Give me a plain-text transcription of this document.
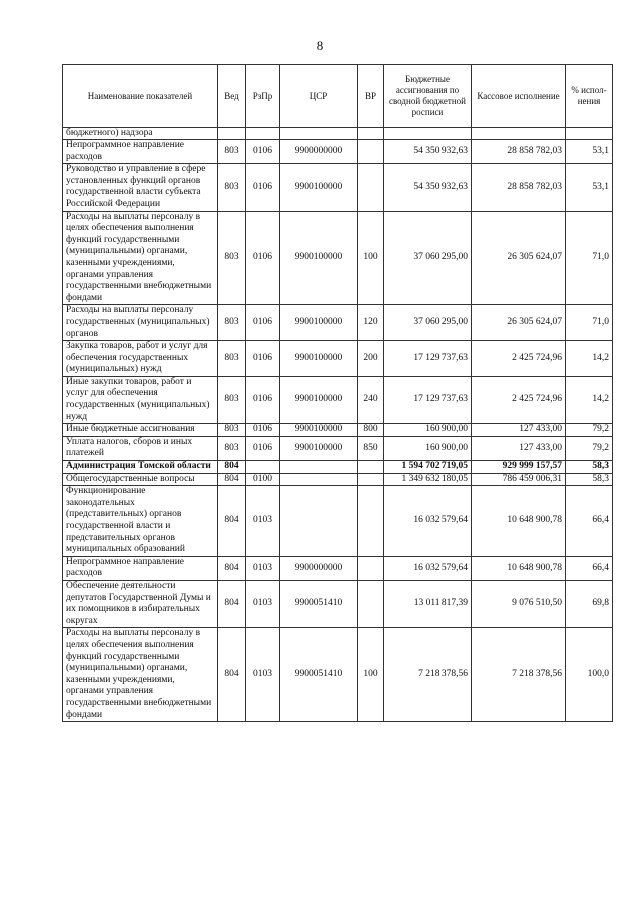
8
Наименование показателей	Вед	РзПр	ЦСР	ВР	Бюджетные ассигнования по сводной бюджетной росписи	Кассовое исполнение	% испол-нения
бюджетного) надзора							
Непрограммное направление расходов	803	0106	9900000000		54 350 932,63	28 858 782,03	53,1
Руководство и управление в сфере установленных функций органов государственной власти субъекта Российской Федерации	803	0106	9900100000		54 350 932,63	28 858 782,03	53,1
Расходы на выплаты персоналу в целях обеспечения выполнения функций государственными (муниципальными) органами, казенными учреждениями, органами управления государственными внебюджетными фондами	803	0106	9900100000	100	37 060 295,00	26 305 624,07	71,0
Расходы на выплаты персоналу государственных (муниципальных) органов	803	0106	9900100000	120	37 060 295,00	26 305 624,07	71,0
Закупка товаров, работ и услуг для обеспечения государственных (муниципальных) нужд	803	0106	9900100000	200	17 129 737,63	2 425 724,96	14,2
Иные закупки товаров, работ и услуг для обеспечения государственных (муниципальных) нужд	803	0106	9900100000	240	17 129 737,63	2 425 724,96	14,2
Иные бюджетные ассигнования	803	0106	9900100000	800	160 900,00	127 433,00	79,2
Уплата налогов, сборов и иных платежей	803	0106	9900100000	850	160 900,00	127 433,00	79,2
Администрация Томской области	804				1 594 702 719,05	929 999 157,57	58,3
Общегосударственные вопросы	804	0100			1 349 632 180,05	786 459 006,31	58,3
Функционирование законодательных (представительных) органов государственной власти и представительных органов муниципальных образований	804	0103			16 032 579,64	10 648 900,78	66,4
Непрограммное направление расходов	804	0103	9900000000		16 032 579,64	10 648 900,78	66,4
Обеспечение деятельности депутатов Государственной Думы и их помощников в избирательных округах	804	0103	9900051410		13 011 817,39	9 076 510,50	69,8
Расходы на выплаты персоналу в целях обеспечения выполнения функций государственными (муниципальными) органами, казенными учреждениями, органами управления государственными внебюджетными фондами	804	0103	9900051410	100	7 218 378,56	7 218 378,56	100,0
